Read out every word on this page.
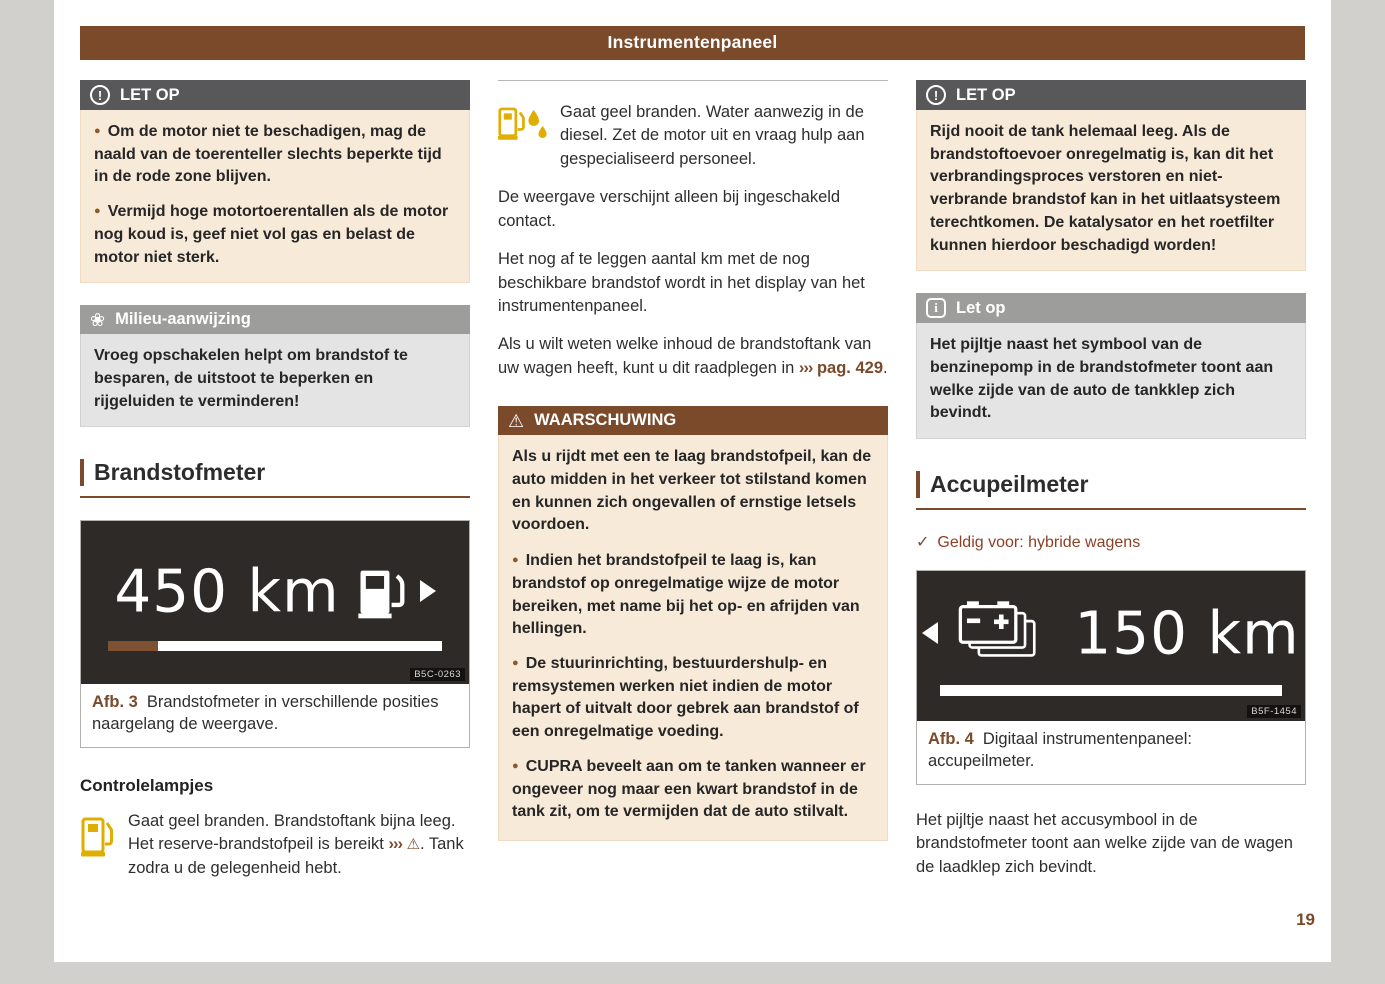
Instrumentenpaneel
! LET OP
● Om de motor niet te beschadigen, mag de naald van de toerenteller slechts beperkte tijd in de rode zone blijven.
● Vermijd hoge motortoerentallen als de motor nog koud is, geef niet vol gas en belast de motor niet sterk.
❀ Milieu-aanwijzing
Vroeg opschakelen helpt om brandstof te besparen, de uitstoot te beperken en rijgeluiden te verminderen!
Brandstofmeter
450 km
B5C-0263
Afb. 3 Brandstofmeter in verschillende posities naargelang de weergave.
Controlelampjes

Gaat geel branden. Brandstoftank bijna leeg. Het reserve-brandstofpeil is bereikt ››› ⚠. Tank zodra u de gelegenheid hebt.

Gaat geel branden. Water aanwezig in de diesel. Zet de motor uit en vraag hulp aan gespecialiseerd personeel.

De weergave verschijnt alleen bij ingeschakeld contact.

Het nog af te leggen aantal km met de nog beschikbare brandstof wordt in het display van het instrumentenpaneel.

Als u wilt weten welke inhoud de brandstoftank van uw wagen heeft, kunt u dit raadplegen in ››› pag. 429.

⚠ WAARSCHUWING
Als u rijdt met een te laag brandstofpeil, kan de auto midden in het verkeer tot stilstand komen en kunnen zich ongevallen of ernstige letsels voordoen.
● Indien het brandstofpeil te laag is, kan brandstof op onregelmatige wijze de motor bereiken, met name bij het op- en afrijden van hellingen.
● De stuurinrichting, bestuurdershulp- en remsystemen werken niet indien de motor hapert of uitvalt door gebrek aan brandstof of een onregelmatige voeding.
● CUPRA beveelt aan om te tanken wanneer er ongeveer nog maar een kwart brandstof in de tank zit, om te vermijden dat de auto stilvalt.
! LET OP
Rijd nooit de tank helemaal leeg. Als de brandstoftoevoer onregelmatig is, kan dit het verbrandingsproces verstoren en niet-verbrande brandstof kan in het uitlaatsysteem terechtkomen. De katalysator en het roetfilter kunnen hierdoor beschadigd worden!
i Let op
Het pijltje naast het symbool van de benzinepomp in de brandstofmeter toont aan welke zijde van de auto de tankklep zich bevindt.
Accupeilmeter
✓ Geldig voor: hybride wagens
150 km
B5F-1454
Afb. 4 Digitaal instrumentenpaneel: accupeilmeter.

Het pijltje naast het accusymbool in de brandstofmeter toont aan welke zijde van de wagen de laadklep zich bevindt.

19
